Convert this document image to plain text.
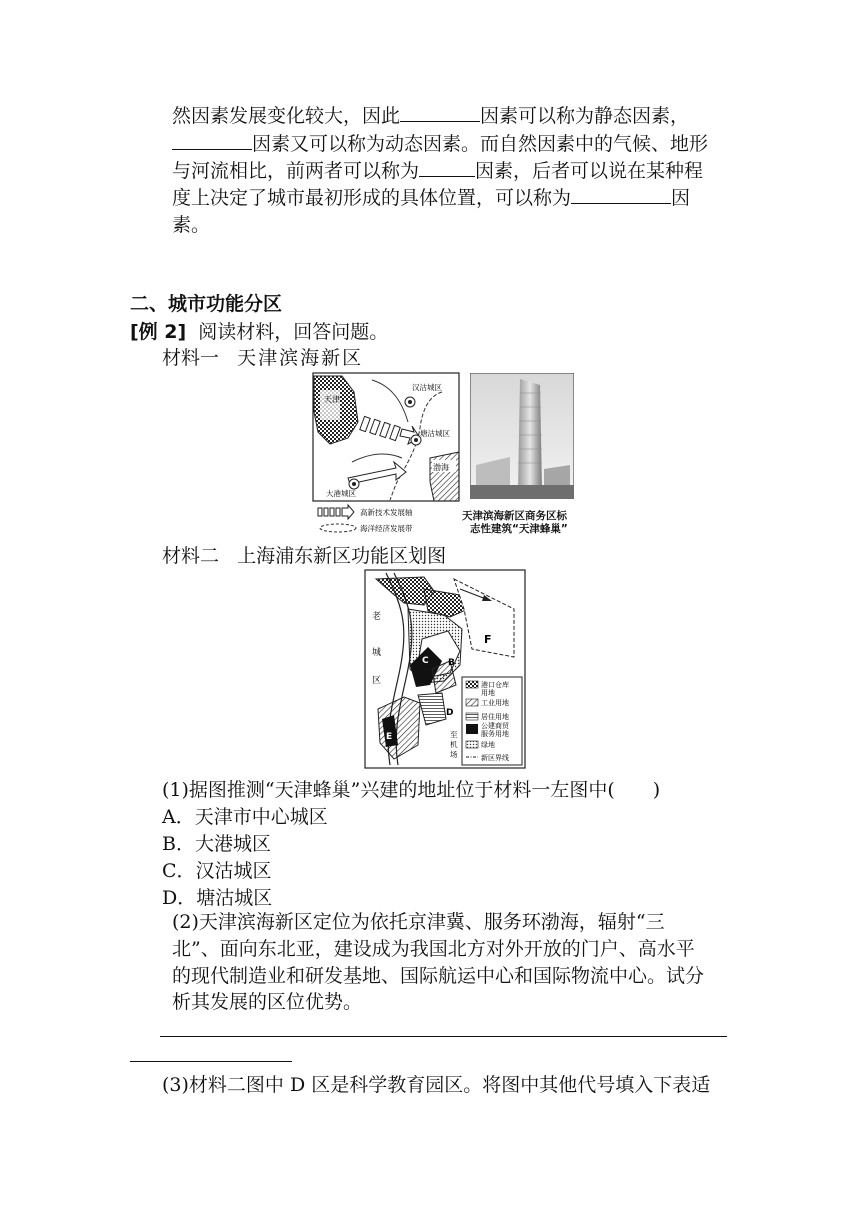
然因素发展变化较大，因此	因素可以称为静态因素，
因素又可以称为动态因素。而自然因素中的气候、地形
与河流相比，前两者可以称为	因素，后者可以说在某种程
度上决定了城市最初形成的具体位置，可以称为	因
素。
二、城市功能分区
[例 2] 阅读材料，回答问题。
材料一 天津滨海新区
天津
渤海
汉沽城区
塘沽城区
大港城区
高新技术发展轴
海洋经济发展带
天津滨海新区商务区标
志性建筑“天津蜂巢”
材料二 上海浦东新区功能区划图
老
城
区
F
B
C
D
E	至
机
场
港口仓库
用地
工业用地
居住用地
公建商贸
服务用地
绿地
新区界线
(1)据图推测“天津蜂巢”兴建的地址位于材料一左图中(　　)
A．天津市中心城区
B．大港城区
C．汉沽城区
D．塘沽城区
(2)天津滨海新区定位为依托京津冀、服务环渤海，辐射“三
北”、面向东北亚，建设成为我国北方对外开放的门户、高水平
的现代制造业和研发基地、国际航运中心和国际物流中心。试分
析其发展的区位优势。
(3)材料二图中 D 区是科学教育园区。将图中其他代号填入下表适
